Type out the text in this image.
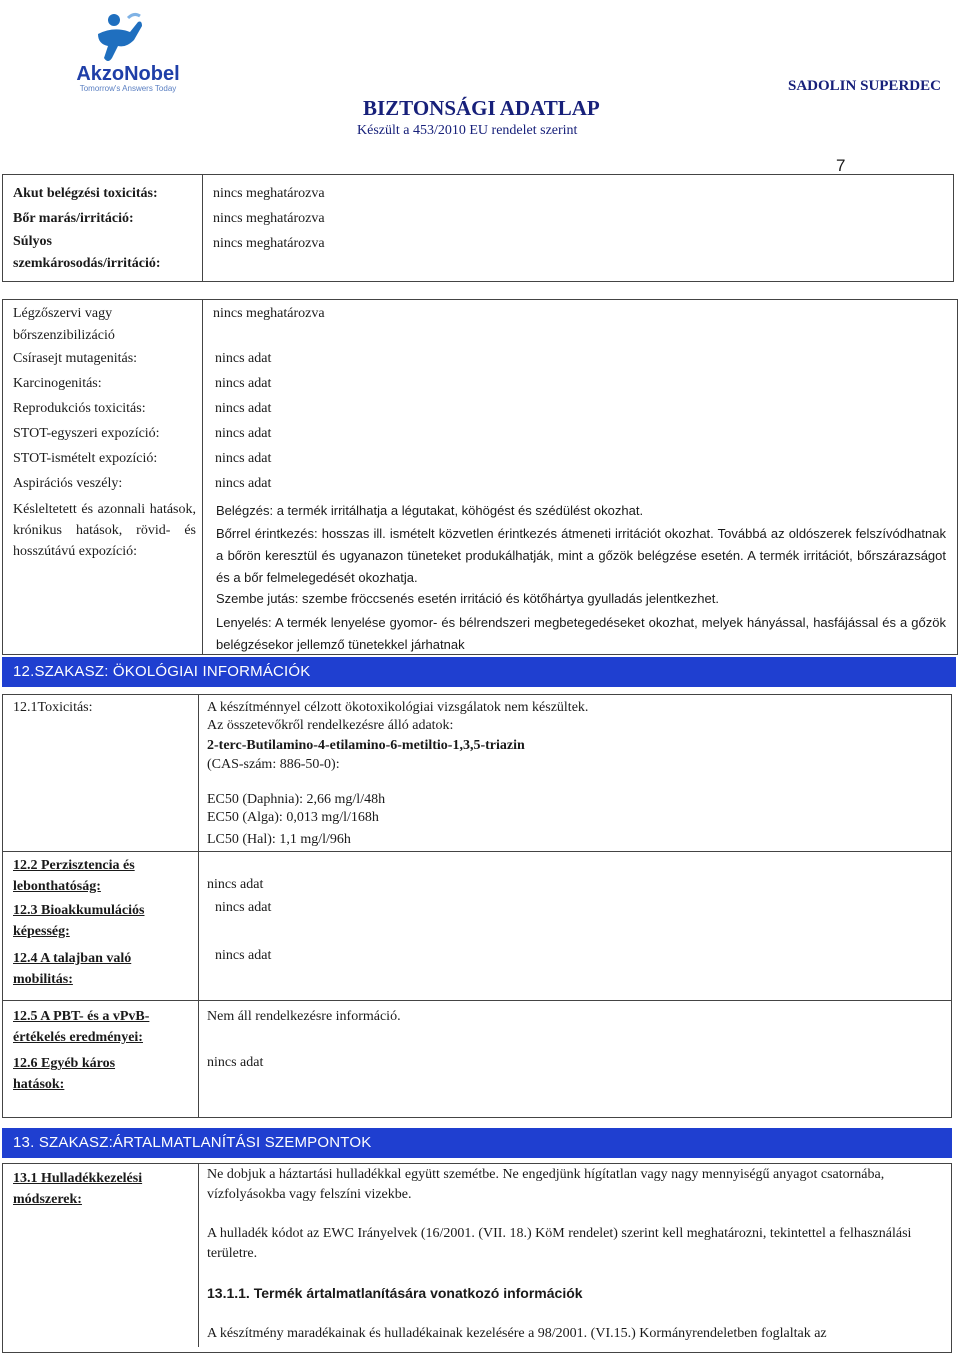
AkzoNobel
Tomorrow's Answers Today
BIZTONSÁGI ADATLAP
Készült a 453/2010 EU rendelet szerint
SADOLIN SUPERDEC
7
Akut belégzési toxicitás:
Bőr marás/irritáció:
Súlyos szemkárosodás/irritáció:
nincs meghatározva
nincs meghatározva
nincs meghatározva
Légzőszervi vagy bőrszenzibilizáció
Csírasejt mutagenitás:
Karcinogenitás:
Reprodukciós toxicitás:
STOT-egyszeri expozíció:
STOT-ismételt expozíció:
Aspirációs veszély:
Késleltetett és azonnali hatások, krónikus hatások, rövid- és hosszútávú expozíció:
nincs meghatározva
nincs adat
nincs adat
nincs adat
nincs adat
nincs adat
nincs adat
Belégzés: a termék irritálhatja a légutakat, köhögést és szédülést okozhat.
Bőrrel érintkezés: hosszas ill. ismételt közvetlen érintkezés átmeneti irritációt okozhat. Továbbá az oldószerek felszívódhatnak a bőrön keresztül és ugyanazon tüneteket produkálhatják, mint a gőzök belégzése esetén. A termék irritációt, bőrszárazságot és a bőr felmelegedését okozhatja.
Szembe jutás: szembe fröccsenés esetén irritáció és kötőhártya gyulladás jelentkezhet.
Lenyelés: A termék lenyelése gyomor- és bélrendszeri megbetegedéseket okozhat, melyek hányással, hasfájással és a gőzök belégzésekor jellemző tünetekkel járhatnak
12.SZAKASZ: ÖKOLÓGIAI INFORMÁCIÓK
12.1Toxicitás:	A készítménnyel célzott ökotoxikológiai vizsgálatok nem készültek.
Az összetevőkről rendelkezésre álló adatok:
2-terc-Butilamino-4-etilamino-6-metiltio-1,3,5-triazin
(CAS-szám: 886-50-0):
EC50 (Daphnia): 2,66 mg/l/48h
EC50 (Alga): 0,013 mg/l/168h
LC50 (Hal): 1,1 mg/l/96h
12.2 Perzisztencia és lebonthatóság:	nincs adat
12.3 Bioakkumulációs képesség:
nincs adat
12.4 A talajban való mobilitás:
nincs adat
12.5 A PBT- és a vPvB-értékelés eredményei:
Nem áll rendelkezésre információ.
12.6 Egyéb káros hatások:
nincs adat
13. SZAKASZ:ÁRTALMATLANÍTÁSI SZEMPONTOK
13.1 Hulladékkezelési módszerek:
Ne dobjuk a háztartási hulladékkal együtt szemétbe. Ne engedjünk hígítatlan vagy nagy mennyiségű anyagot csatornába, vízfolyásokba vagy felszíni vizekbe.
A hulladék kódot az EWC Irányelvek (16/2001. (VII. 18.) KöM rendelet) szerint kell meghatározni, tekintettel a felhasználási területre.
13.1.1. Termék ártalmatlanítására vonatkozó információk
A készítmény maradékainak és hulladékainak kezelésére a 98/2001. (VI.15.) Kormányrendeletben foglaltak az
